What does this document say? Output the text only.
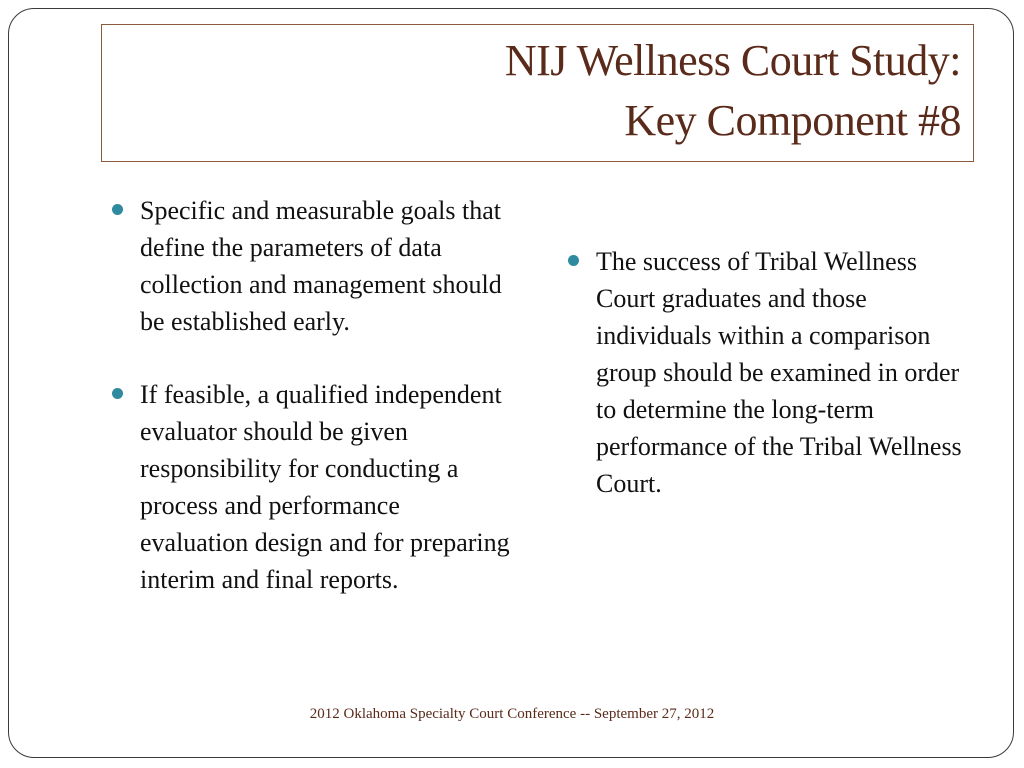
NIJ Wellness Court Study:
Key Component #8
Specific and measurable goals that define the parameters of data collection and management should be established early.
If feasible, a qualified independent evaluator should be given responsibility for conducting a process and performance evaluation design and for preparing interim and final reports.
The success of Tribal Wellness Court graduates and those individuals within a comparison group should be examined in order to determine the long-term performance of the Tribal Wellness Court.
2012 Oklahoma Specialty Court Conference -- September 27, 2012
